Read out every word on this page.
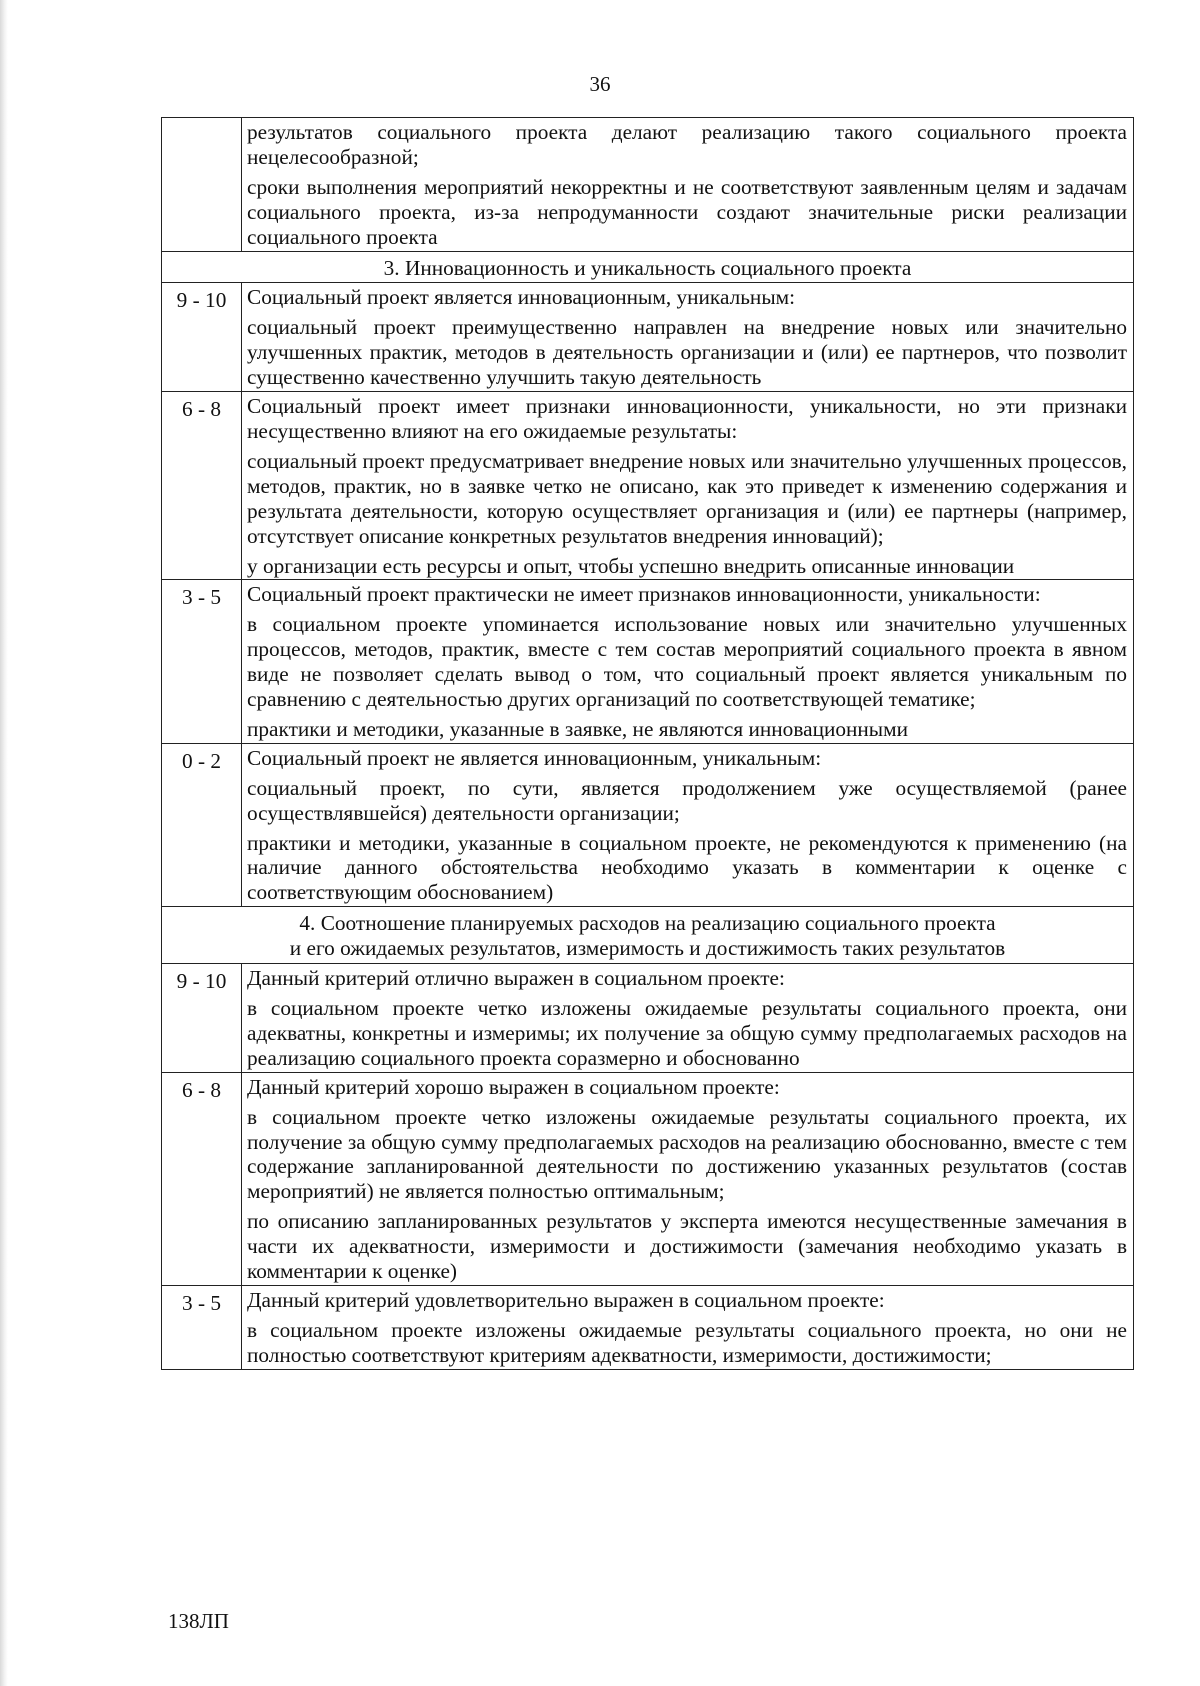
36

	результатов социального проекта делают реализацию такого социального проекта нецелесообразной;
сроки выполнения мероприятий некорректны и не соответствуют заявленным целям и задачам социального проекта, из-за непродуманности создают значительные риски реализации социального проекта

3. Инновационность и уникальность социального проекта	

9 - 10	Социальный проект является инновационным, уникальным:
социальный проект преимущественно направлен на внедрение новых или значительно улучшенных практик, методов в деятельность организации и (или) ее партнеров, что позволит существенно качественно улучшить такую деятельность

6 - 8	Социальный проект имеет признаки инновационности, уникальности, но эти признаки несущественно влияют на его ожидаемые результаты:
социальный проект предусматривает внедрение новых или значительно улучшенных процессов, методов, практик, но в заявке четко не описано, как это приведет к изменению содержания и результата деятельности, которую осуществляет организация и (или) ее партнеры (например, отсутствует описание конкретных результатов внедрения инноваций);
у организации есть ресурсы и опыт, чтобы успешно внедрить описанные инновации

3 - 5	Социальный проект практически не имеет признаков инновационности, уникальности:
в социальном проекте упоминается использование новых или значительно улучшенных процессов, методов, практик, вместе с тем состав мероприятий социального проекта в явном виде не позволяет сделать вывод о том, что социальный проект является уникальным по сравнению с деятельностью других организаций по соответствующей тематике;
практики и методики, указанные в заявке, не являются инновационными

0 - 2	Социальный проект не является инновационным, уникальным:
социальный проект, по сути, является продолжением уже осуществляемой (ранее осуществлявшейся) деятельности организации;
практики и методики, указанные в социальном проекте, не рекомендуются к применению (на наличие данного обстоятельства необходимо указать в комментарии к оценке с соответствующим обоснованием)

4. Соотношение планируемых расходов на реализацию социального проекта
и его ожидаемых результатов, измеримость и достижимость таких результатов	

9 - 10	Данный критерий отлично выражен в социальном проекте:
в социальном проекте четко изложены ожидаемые результаты социального проекта, они адекватны, конкретны и измеримы; их получение за общую сумму предполагаемых расходов на реализацию социального проекта соразмерно и обоснованно

6 - 8	Данный критерий хорошо выражен в социальном проекте:
в социальном проекте четко изложены ожидаемые результаты социального проекта, их получение за общую сумму предполагаемых расходов на реализацию обоснованно, вместе с тем содержание запланированной деятельности по достижению указанных результатов (состав мероприятий) не является полностью оптимальным;
по описанию запланированных результатов у эксперта имеются несущественные замечания в части их адекватности, измеримости и достижимости (замечания необходимо указать в комментарии к оценке)

3 - 5	Данный критерий удовлетворительно выражен в социальном проекте:
в социальном проекте изложены ожидаемые результаты социального проекта, но они не полностью соответствуют критериям адекватности, измеримости, достижимости;
138ЛП
